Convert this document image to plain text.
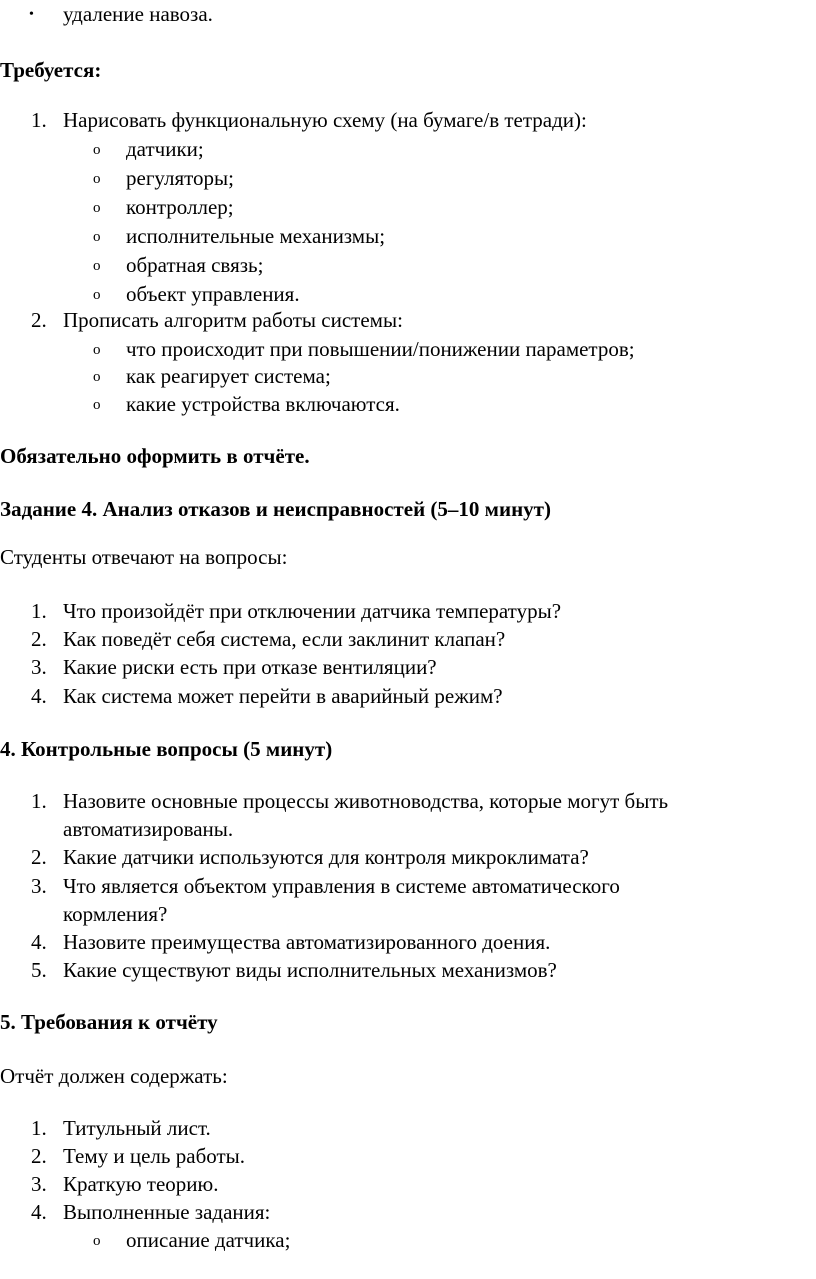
• удаление навоза.
Требуется:
1. Нарисовать функциональную схему (на бумаге/в тетради):
o датчики;
o регуляторы;
o контроллер;
o исполнительные механизмы;
o обратная связь;
o объект управления.
2. Прописать алгоритм работы системы:
o что происходит при повышении/понижении параметров;
o как реагирует система;
o какие устройства включаются.
Обязательно оформить в отчёте.
Задание 4. Анализ отказов и неисправностей (5–10 минут)
Студенты отвечают на вопросы:
1. Что произойдёт при отключении датчика температуры?
2. Как поведёт себя система, если заклинит клапан?
3. Какие риски есть при отказе вентиляции?
4. Как система может перейти в аварийный режим?
4. Контрольные вопросы (5 минут)
1. Назовите основные процессы животноводства, которые могут быть
автоматизированы.
2. Какие датчики используются для контроля микроклимата?
3. Что является объектом управления в системе автоматического
кормления?
4. Назовите преимущества автоматизированного доения.
5. Какие существуют виды исполнительных механизмов?
5. Требования к отчёту
Отчёт должен содержать:
1. Титульный лист.
2. Тему и цель работы.
3. Краткую теорию.
4. Выполненные задания:
o описание датчика;
